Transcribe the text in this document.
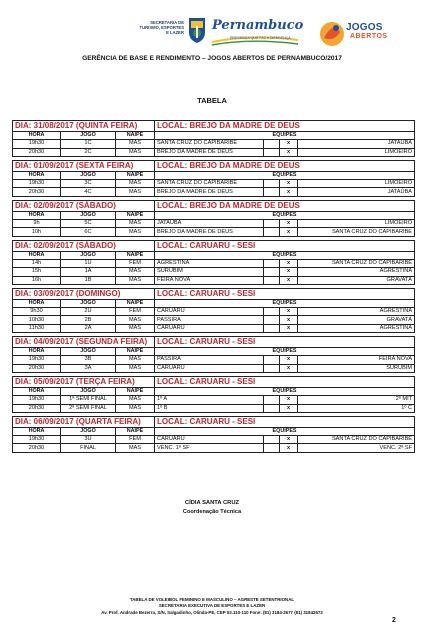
SECRETARIA DE
TURISMO, ESPORTES
E LAZER Pernambuco
PRESENÇA QUE FAZ A DIFERENÇA
JOGOS
ABERTOS
GERÊNCIA DE BASE E RENDIMENTO – JOGOS ABERTOS DE PERNAMBUCO/2017
TABELA
DIA: 31/08/2017 (QUINTA FEIRA)			LOCAL: BREJO DA MADRE DE DEUS			
HORA	JOGO	NAIPE	EQUIPES			
19h30	1C	MAS	SANTA CRUZ DO CAPIBARIBE		x	JATAÚBA
20h30	2C	MAS	BREJO DA MADRE DE DEUS		x	LIMOEIRO

DIA: 01/09/2017 (SEXTA FEIRA)			LOCAL: BREJO DA MADRE DE DEUS			
HORA	JOGO	NAIPE	EQUIPES			
19h30	3C	MAS	SANTA CRUZ DO CAPIBARIBE		x	LIMOEIRO
20h30	4C	MAS	BREJO DA MADRE DE DEUS		x	JATAÚBA

DIA: 02/09/2017 (SÁBADO)			LOCAL: BREJO DA MADRE DE DEUS			
HORA	JOGO	NAIPE	EQUIPES			
9h	5C	MAS	JATAÚBA		x	LIMOEIRO
10h	6C	MAS	BREJO DA MADRE DE DEUS		x	SANTA CRUZ DO CAPIBARIBE

DIA: 02/09/2017 (SÁBADO)			LOCAL: CARUARU - SESI			
HORA	JOGO	NAIPE	EQUIPES			
14h	1U	FEM	AGRESTINA		x	SANTA CRUZ DO CAPIBARIBE
15h	1A	MAS	SURUBIM		x	AGRESTINA
16h	1B	MAS	FEIRA NOVA		x	GRAVATÁ

DIA: 03/09/2017 (DOMINGO)			LOCAL: CARUARU - SESI			
HORA	JOGO	NAIPE	EQUIPES			
9h30	2U	FEM	CARUARU		x	AGRESTINA
10h30	2B	MAS	PASSIRA		x	GRAVATÁ
11h30	2A	MAS	CARUARU		x	AGRESTINA

DIA: 04/09/2017 (SEGUNDA FEIRA)			LOCAL: CARUARU - SESI			
HORA	JOGO	NAIPE	EQUIPES			
19h30	3B	MAS	PASSIRA		x	FEIRA NOVA
20h30	3A	MAS	CARUARU		x	SURUBIM

DIA: 05/09/2017 (TERÇA FEIRA)			LOCAL: CARUARU - SESI			
HORA	JOGO	NAIPE	EQUIPES			
19h30	1ª SEMI FINAL	MAS	1º A		x	2º MIT
20h30	2ª SEMI FINAL	MAS	1º B		x	1º C

DIA: 06/09/2017 (QUARTA FEIRA)			LOCAL: CARUARU - SESI			
HORA	JOGO	NAIPE	EQUIPES			
19h30	3U	FEM	CARUARU		x	SANTA CRUZ DO CAPIBARIBE
20h30	FINAL	MAS	VENC. 1ª SF		x	VENC. 2ª SF
CÍDIA SANTA CRUZ
Coordenação Técnica
TABELA DE VOLEIBOL FEMININO E MASCULINO – AGRESTE SETENTRIONAL
SECRETARIA EXECUTIVA DE ESPORTES E LAZER
Av. Prof. Andrade Bezerra, S/N, Salgadinho, Olinda-PE, CEP 53.110-110 Fone: (81) 3184-2677 (81) 31842672
2
